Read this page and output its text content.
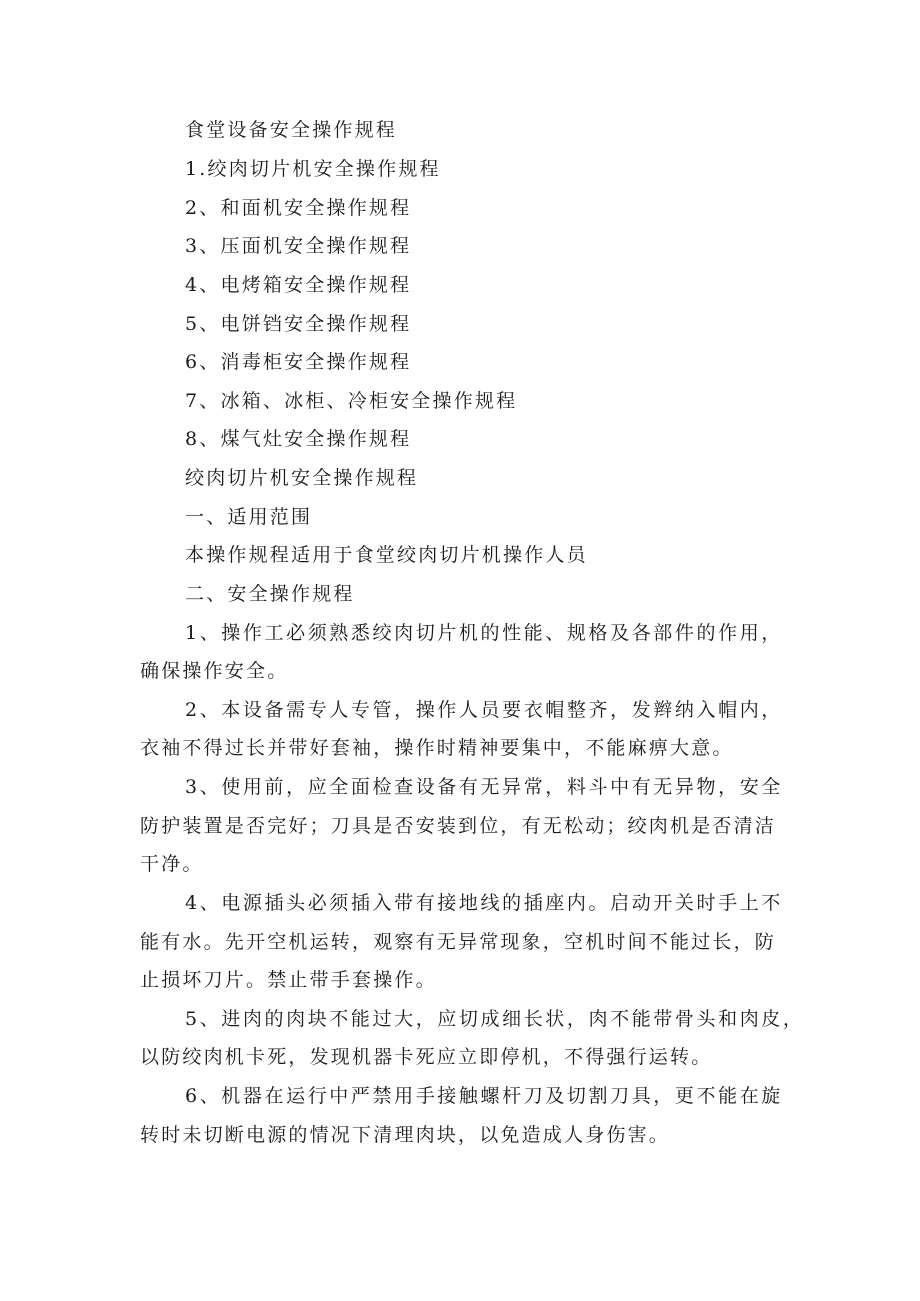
食堂设备安全操作规程
1.绞肉切片机安全操作规程
2、和面机安全操作规程
3、压面机安全操作规程
4、电烤箱安全操作规程
5、电饼铛安全操作规程
6、消毒柜安全操作规程
7、冰箱、冰柜、冷柜安全操作规程
8、煤气灶安全操作规程
绞肉切片机安全操作规程
一、适用范围
本操作规程适用于食堂绞肉切片机操作人员
二、安全操作规程
1、操作工必须熟悉绞肉切片机的性能、规格及各部件的作用，
确保操作安全。
2、本设备需专人专管，操作人员要衣帽整齐，发辫纳入帽内，
衣袖不得过长并带好套袖，操作时精神要集中，不能麻痹大意。
3、使用前，应全面检查设备有无异常，料斗中有无异物，安全
防护装置是否完好；刀具是否安装到位，有无松动；绞肉机是否清洁
干净。
4、电源插头必须插入带有接地线的插座内。启动开关时手上不
能有水。先开空机运转，观察有无异常现象，空机时间不能过长，防
止损坏刀片。禁止带手套操作。
5、进肉的肉块不能过大，应切成细长状，肉不能带骨头和肉皮，
以防绞肉机卡死，发现机器卡死应立即停机，不得强行运转。
6、机器在运行中严禁用手接触螺杆刀及切割刀具，更不能在旋
转时未切断电源的情况下清理肉块，以免造成人身伤害。
